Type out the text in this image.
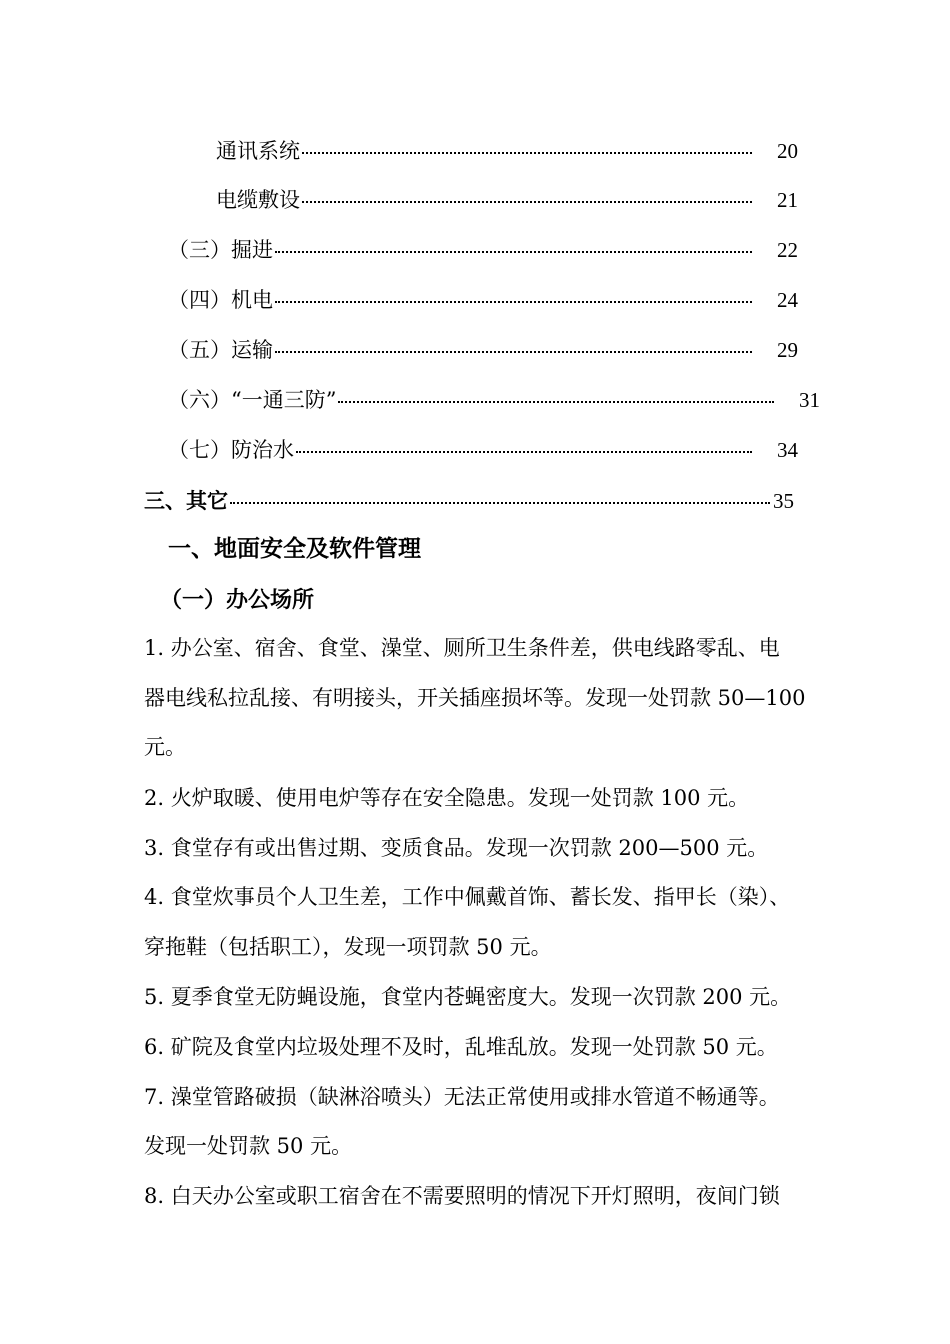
通讯系统	20
电缆敷设	21
（三）掘进	22
（四）机电	24
（五）运输	29
（六）“一通三防”	31
（七）防治水	34
三、其它	35
一、地面安全及软件管理
（一）办公场所
1. 办公室、宿舍、食堂、澡堂、厕所卫生条件差，供电线路零乱、电
器电线私拉乱接、有明接头，开关插座损坏等。发现一处罚款 50—100
元。
2. 火炉取暖、使用电炉等存在安全隐患。发现一处罚款 100 元。
3. 食堂存有或出售过期、变质食品。发现一次罚款 200—500 元。
4. 食堂炊事员个人卫生差，工作中佩戴首饰、蓄长发、指甲长（染）、
穿拖鞋（包括职工），发现一项罚款 50 元。
5. 夏季食堂无防蝇设施，食堂内苍蝇密度大。发现一次罚款 200 元。
6. 矿院及食堂内垃圾处理不及时，乱堆乱放。发现一处罚款 50 元。
7. 澡堂管路破损（缺淋浴喷头）无法正常使用或排水管道不畅通等。
发现一处罚款 50 元。
8. 白天办公室或职工宿舍在不需要照明的情况下开灯照明，夜间门锁
